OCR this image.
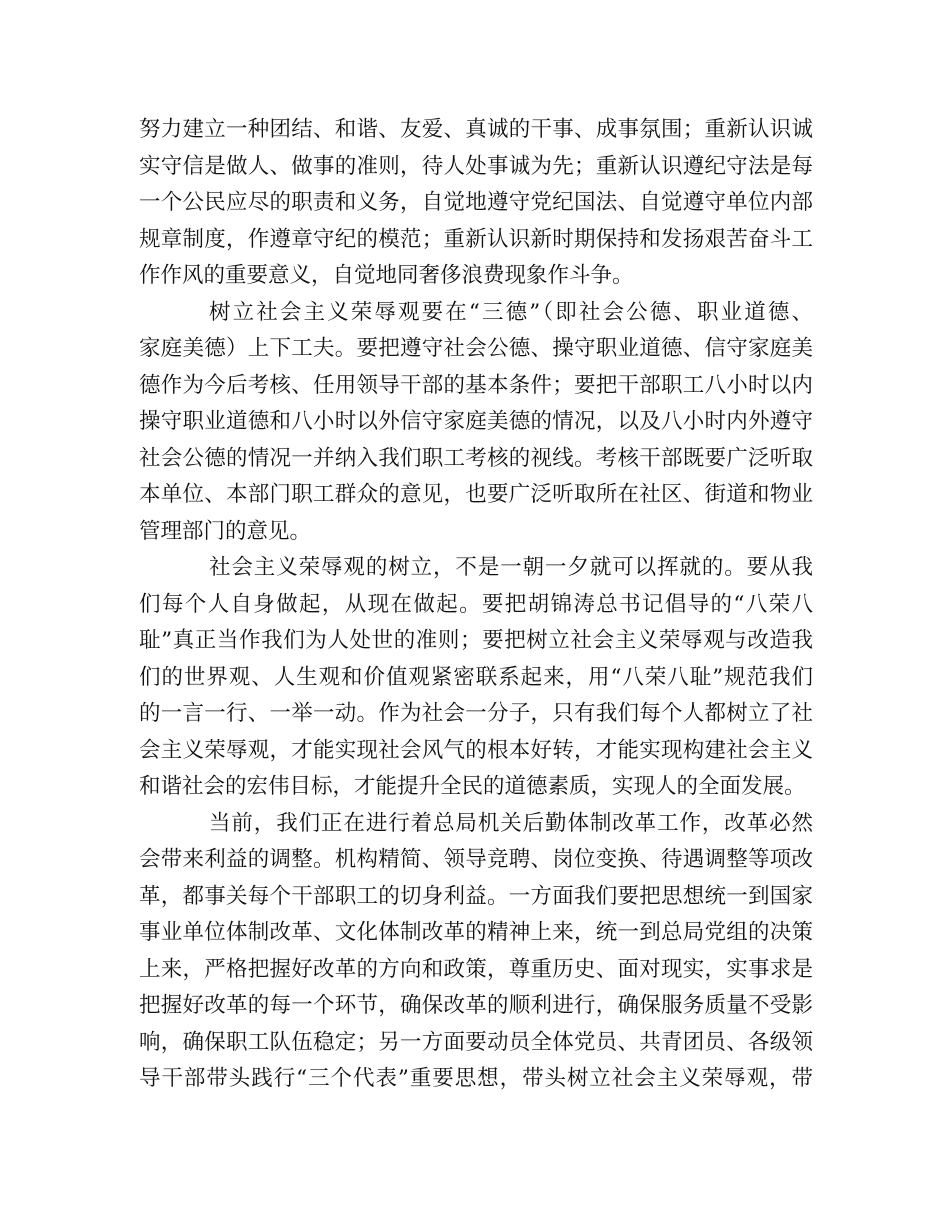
努力建立一种团结、和谐、友爱、真诚的干事、成事氛围；重新认识诚
实守信是做人、做事的准则，待人处事诚为先；重新认识遵纪守法是每
一个公民应尽的职责和义务，自觉地遵守党纪国法、自觉遵守单位内部
规章制度，作遵章守纪的模范；重新认识新时期保持和发扬艰苦奋斗工
作作风的重要意义，自觉地同奢侈浪费现象作斗争。
树立社会主义荣辱观要在“三德”（即社会公德、职业道德、
家庭美德）上下工夫。要把遵守社会公德、操守职业道德、信守家庭美
德作为今后考核、任用领导干部的基本条件；要把干部职工八小时以内
操守职业道德和八小时以外信守家庭美德的情况，以及八小时内外遵守
社会公德的情况一并纳入我们职工考核的视线。考核干部既要广泛听取
本单位、本部门职工群众的意见，也要广泛听取所在社区、街道和物业
管理部门的意见。
社会主义荣辱观的树立，不是一朝一夕就可以挥就的。要从我
们每个人自身做起，从现在做起。要把胡锦涛总书记倡导的“八荣八
耻”真正当作我们为人处世的准则；要把树立社会主义荣辱观与改造我
们的世界观、人生观和价值观紧密联系起来，用“八荣八耻”规范我们
的一言一行、一举一动。作为社会一分子，只有我们每个人都树立了社
会主义荣辱观，才能实现社会风气的根本好转，才能实现构建社会主义
和谐社会的宏伟目标，才能提升全民的道德素质，实现人的全面发展。
当前，我们正在进行着总局机关后勤体制改革工作，改革必然
会带来利益的调整。机构精简、领导竞聘、岗位变换、待遇调整等项改
革，都事关每个干部职工的切身利益。一方面我们要把思想统一到国家
事业单位体制改革、文化体制改革的精神上来，统一到总局党组的决策
上来，严格把握好改革的方向和政策，尊重历史、面对现实，实事求是
把握好改革的每一个环节，确保改革的顺利进行，确保服务质量不受影
响，确保职工队伍稳定；另一方面要动员全体党员、共青团员、各级领
导干部带头践行“三个代表”重要思想，带头树立社会主义荣辱观，带
